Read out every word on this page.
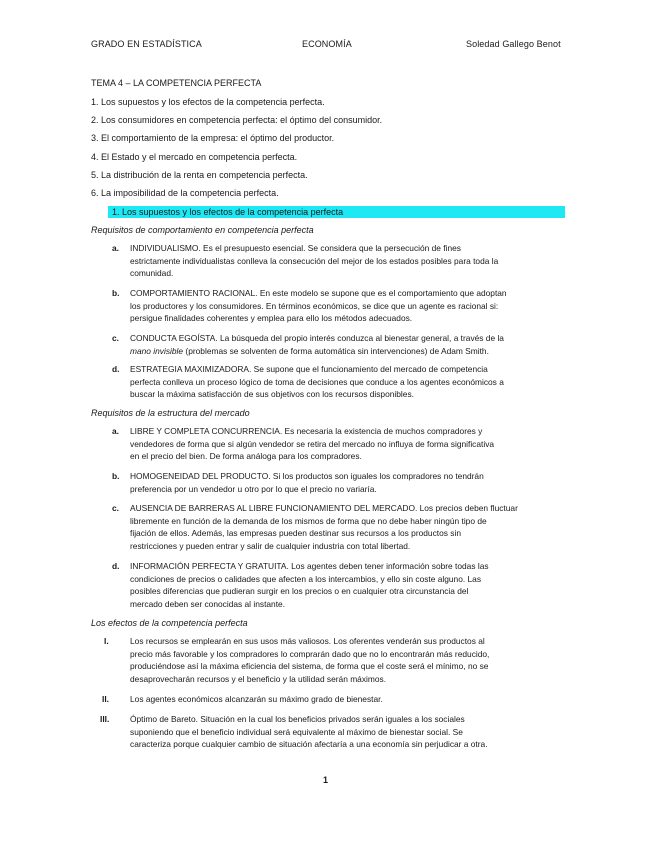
GRADO EN ESTADÍSTICA	ECONOMÍA	Soledad Gallego Benot
TEMA 4 – LA COMPETENCIA PERFECTA
1. Los supuestos y los efectos de la competencia perfecta.
2. Los consumidores en competencia perfecta: el óptimo del consumidor.
3. El comportamiento de la empresa: el óptimo del productor.
4. El Estado y el mercado en competencia perfecta.
5. La distribución de la renta en competencia perfecta.
6. La imposibilidad de la competencia perfecta.
1. Los supuestos y los efectos de la competencia perfecta
Requisitos de comportamiento en competencia perfecta
a. INDIVIDUALISMO. Es el presupuesto esencial. Se considera que la persecución de fines
estrictamente individualistas conlleva la consecución del mejor de los estados posibles para toda la
comunidad.
b. COMPORTAMIENTO RACIONAL. En este modelo se supone que es el comportamiento que adoptan
los productores y los consumidores. En términos económicos, se dice que un agente es racional si:
persigue finalidades coherentes y emplea para ello los métodos adecuados.
c. CONDUCTA EGOÍSTA. La búsqueda del propio interés conduzca al bienestar general, a través de la
mano invisible (problemas se solventen de forma automática sin intervenciones) de Adam Smith.
d. ESTRATEGIA MAXIMIZADORA. Se supone que el funcionamiento del mercado de competencia
perfecta conlleva un proceso lógico de toma de decisiones que conduce a los agentes económicos a
buscar la máxima satisfacción de sus objetivos con los recursos disponibles.
Requisitos de la estructura del mercado
a. LIBRE Y COMPLETA CONCURRENCIA. Es necesaria la existencia de muchos compradores y
vendedores de forma que si algún vendedor se retira del mercado no influya de forma significativa
en el precio del bien. De forma análoga para los compradores.
b. HOMOGENEIDAD DEL PRODUCTO. Si los productos son iguales los compradores no tendrán
preferencia por un vendedor u otro por lo que el precio no variaría.
c. AUSENCIA DE BARRERAS AL LIBRE FUNCIONAMIENTO DEL MERCADO. Los precios deben fluctuar
libremente en función de la demanda de los mismos de forma que no debe haber ningún tipo de
fijación de ellos. Además, las empresas pueden destinar sus recursos a los productos sin
restricciones y pueden entrar y salir de cualquier industria con total libertad.
d. INFORMACIÓN PERFECTA Y GRATUITA. Los agentes deben tener información sobre todas las
condiciones de precios o calidades que afecten a los intercambios, y ello sin coste alguno. Las
posibles diferencias que pudieran surgir en los precios o en cualquier otra circunstancia del
mercado deben ser conocidas al instante.
Los efectos de la competencia perfecta
I.	Los recursos se emplearán en sus usos más valiosos. Los oferentes venderán sus productos al
precio más favorable y los compradores lo comprarán dado que no lo encontrarán más reducido,
produciéndose así la máxima eficiencia del sistema, de forma que el coste será el mínimo, no se
desaprovecharán recursos y el beneficio y la utilidad serán máximos.
II.	Los agentes económicos alcanzarán su máximo grado de bienestar.
III. Óptimo de Bareto. Situación en la cual los beneficios privados serán iguales a los sociales
suponiendo que el beneficio individual será equivalente al máximo de bienestar social. Se
caracteriza porque cualquier cambio de situación afectaría a una economía sin perjudicar a otra.
1
